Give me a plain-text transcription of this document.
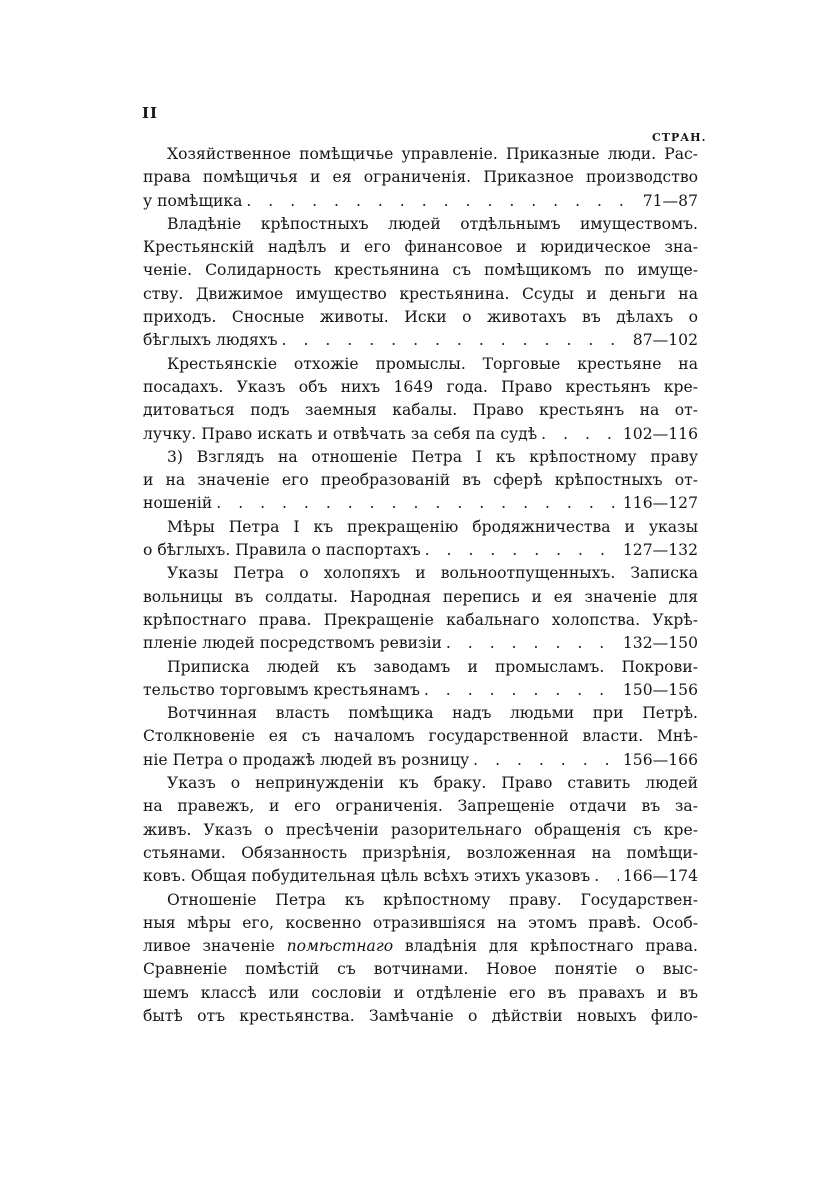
II
СТРАН.
Хозяйственное помѣщичье управленіе. Приказные люди. Рас-
права помѣщичья и ея ограниченія. Приказное производство
у помѣщика . . .	71—87
Владѣніе крѣпостныхъ людей отдѣльнымъ имуществомъ.
Крестьянскій надѣлъ и его финансовое и юридическое зна-
ченіе. Солидарность крестьянина съ помѣщикомъ по имуще-
ству. Движимое имущество крестьянина. Ссуды и деньги на
приходъ. Сносные животы. Иски о животахъ въ дѣлахъ о
бѣглыхъ людяхъ . . .	87—102
Крестьянскіе отхожіе промыслы. Торговые крестьяне на
посадахъ. Указъ объ нихъ 1649 года. Право крестьянъ кре-
дитоваться подъ заемныя кабалы. Право крестьянъ на от-
лучку. Право искать и отвѣчать за себя па судѣ . . .	102—116
3) Взглядъ на отношеніе Петра I къ крѣпостному праву
и на значеніе его преобразованій въ сферѣ крѣпостныхъ от-
ношеній . . .	116—127
Мѣры Петра I къ прекращенію бродяжничества и указы
о бѣглыхъ. Правила о паспортахъ . . .	127—132
Указы Петра о холопяхъ и вольноотпущенныхъ. Записка
вольницы въ солдаты. Народная перепись и ея значеніе для
крѣпостнаго права. Прекращеніе кабальнаго холопства. Укрѣ-
пленіе людей посредствомъ ревизіи . . .	132—150
Приписка людей къ заводамъ и промысламъ. Покрови-
тельство торговымъ крестьянамъ . . .	150—156
Вотчинная власть помѣщика надъ людьми при Петрѣ.
Столкновеніе ея съ началомъ государственной власти. Мнѣ-
ніе Петра о продажѣ людей въ розницу . . .	156—166
Указъ о непринужденіи къ браку. Право ставить людей
на правежъ, и его ограниченія. Запрещеніе отдачи въ за-
живъ. Указъ о пресѣченіи разорительнаго обращенія съ кре-
стьянами. Обязанность призрѣнія, возложенная на помѣщи-
ковъ. Общая побудительная цѣль всѣхъ этихъ указовъ . . . 166—174
Отношеніе Петра къ крѣпостному праву. Государствен-
ныя мѣры его, косвенно отразившіяся на этомъ правѣ. Особ-
ливое значеніе помѣстнаго владѣнія для крѣпостнаго права.
Сравненіе помѣстій съ вотчинами. Новое понятіе о выс-
шемъ классѣ или сословіи и отдѣленіе его въ правахъ и въ
бытѣ отъ крестьянства. Замѣчаніе о дѣйствіи новыхъ фило-
